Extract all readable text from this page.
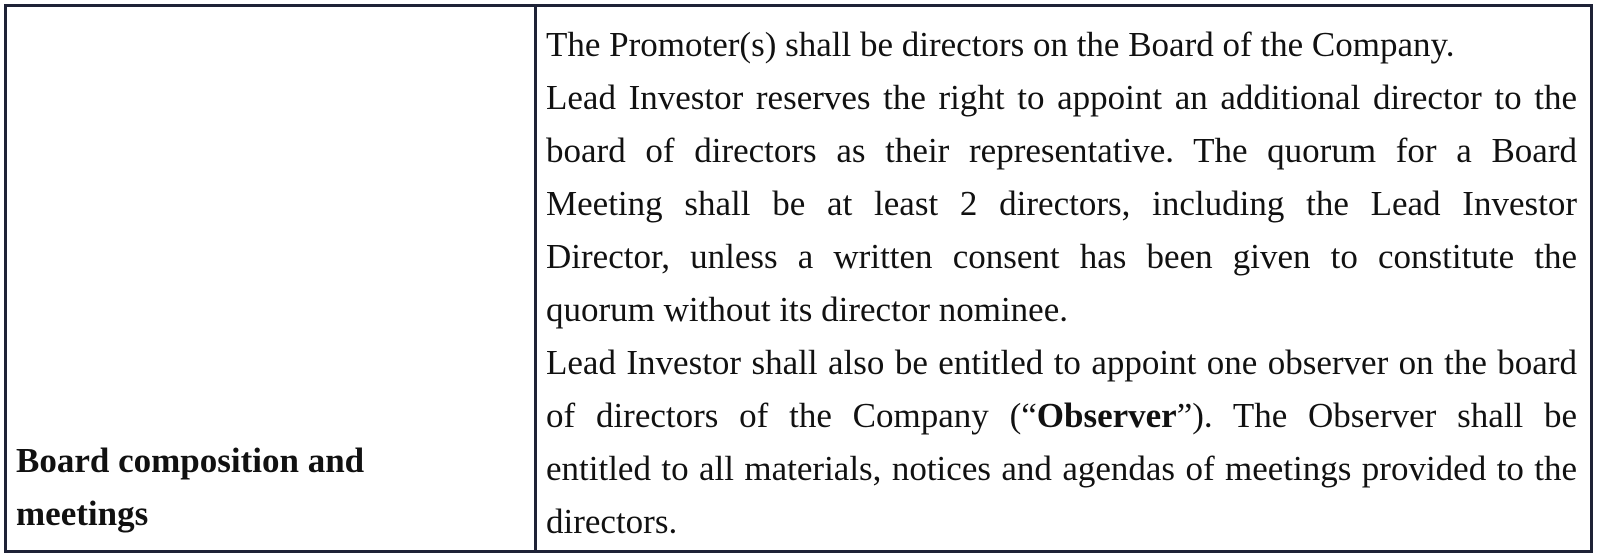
Board composition and
meetings

The Promoter(s) shall be directors on the Board of the Company.

Lead Investor reserves the right to appoint an additional director to the board of directors as their representative. The quorum for a Board Meeting shall be at least 2 directors, including the Lead Investor Director, unless a written consent has been given to constitute the quorum without its director nominee.

Lead Investor shall also be entitled to appoint one observer on the board of directors of the Company (“Observer”). The Observer shall be entitled to all materials, notices and agendas of meetings provided to the directors.
